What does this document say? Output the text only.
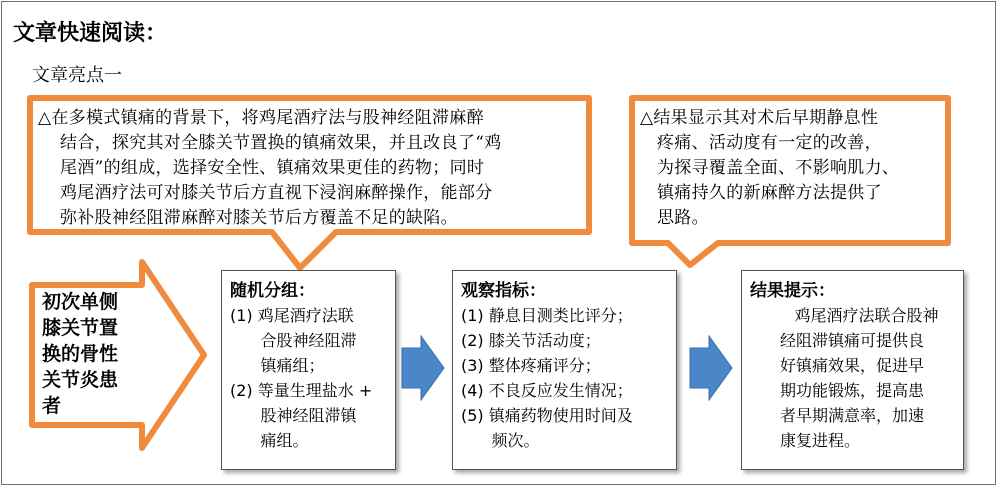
文章快速阅读：
文章亮点一
△在多模式镇痛的背景下，将鸡尾酒疗法与股神经阻滞麻醉
结合，探究其对全膝关节置换的镇痛效果，并且改良了“鸡
尾酒”的组成，选择安全性、镇痛效果更佳的药物；同时
鸡尾酒疗法可对膝关节后方直视下浸润麻醉操作，能部分
弥补股神经阻滞麻醉对膝关节后方覆盖不足的缺陷。
△结果显示其对术后早期静息性
疼痛、活动度有一定的改善，
为探寻覆盖全面、不影响肌力、
镇痛持久的新麻醉方法提供了
思路。
初次单侧
膝关节置
换的骨性
关节炎患
者
随机分组：
(1) 鸡尾酒疗法联
合股神经阻滞
镇痛组；
(2) 等量生理盐水 +
股神经阻滞镇
痛组。
观察指标：
(1) 静息目测类比评分；
(2) 膝关节活动度；
(3) 整体疼痛评分；
(4) 不良反应发生情况；
(5) 镇痛药物使用时间及
频次。
结果提示：
鸡尾酒疗法联合股神
经阻滞镇痛可提供良
好镇痛效果，促进早
期功能锻炼，提高患
者早期满意率，加速
康复进程。
